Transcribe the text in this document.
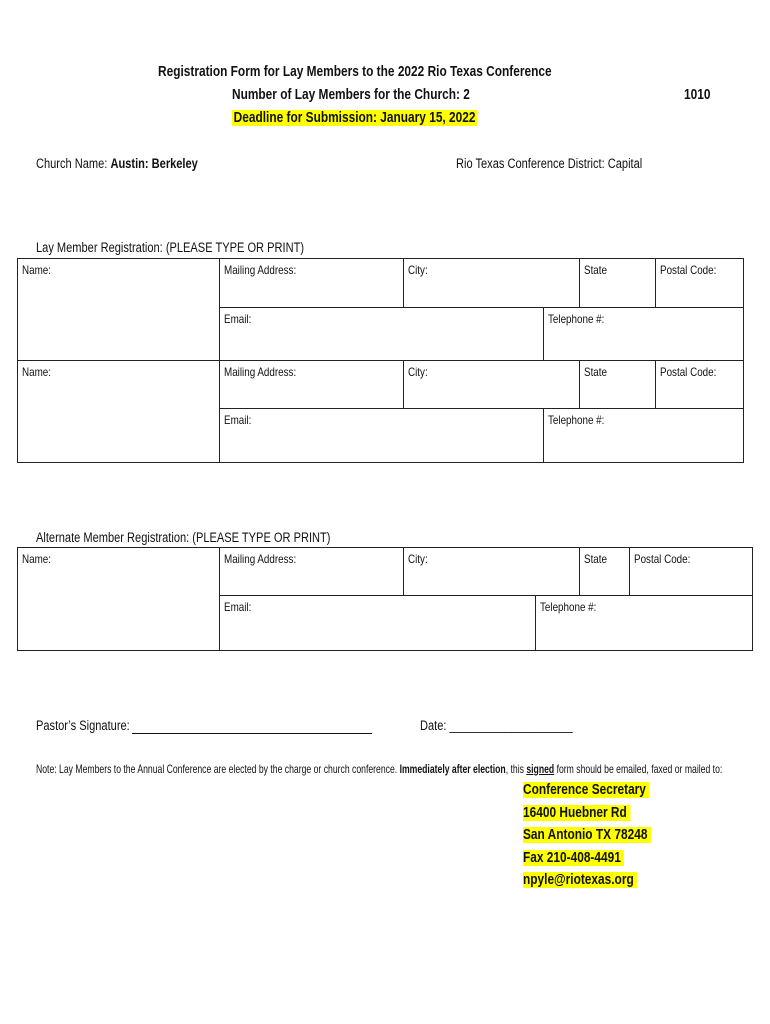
Registration Form for Lay Members to the 2022 Rio Texas Conference
Number of Lay Members for the Church: 2	1010
Deadline for Submission: January 15, 2022
Church Name: Austin: Berkeley	Rio Texas Conference District: Capital
Lay Member Registration: (PLEASE TYPE OR PRINT)
Name:	Mailing Address:	City:	State	Postal Code:
Email:	Telephone #:
Name:	Mailing Address:	City:	State	Postal Code:
Email:	Telephone #:
Alternate Member Registration: (PLEASE TYPE OR PRINT)
Name:	Mailing Address:	City:	State Postal Code:
Email:	Telephone #:
Pastor’s Signature:	Date: ____________________
Note: Lay Members to the Annual Conference are elected by the charge or church conference. Immediately after election, this signed form should be emailed, faxed or mailed to:
Conference Secretary
16400 Huebner Rd
San Antonio TX 78248
Fax 210-408-4491
npyle@riotexas.org
